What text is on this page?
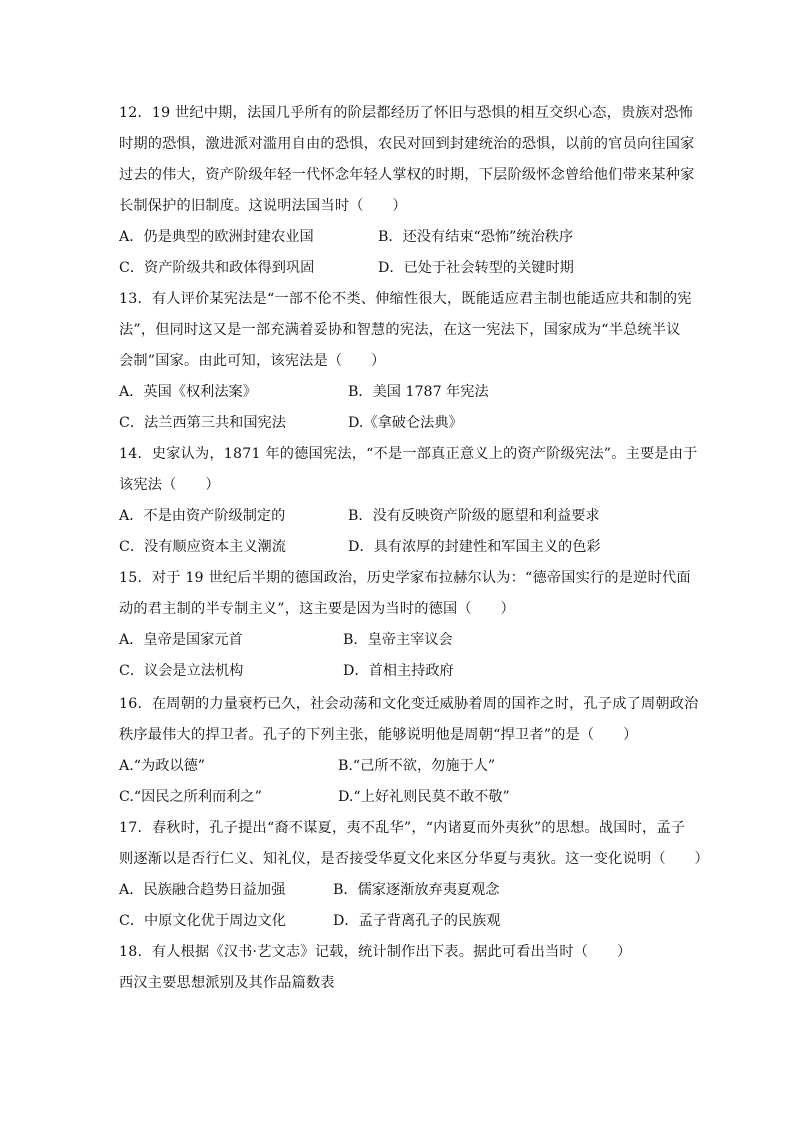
12．19 世纪中期，法国几乎所有的阶层都经历了怀旧与恐惧的相互交织心态，贵族对恐怖
时期的恐惧，激进派对滥用自由的恐惧，农民对回到封建统治的恐惧，以前的官员向往国家
过去的伟大，资产阶级年轻一代怀念年轻人掌权的时期，下层阶级怀念曾给他们带来某种家
长制保护的旧制度。这说明法国当时（　　）
A．仍是典型的欧洲封建农业国	B．还没有结束“恐怖”统治秩序
C．资产阶级共和政体得到巩固	D．已处于社会转型的关键时期
13．有人评价某宪法是“一部不伦不类、伸缩性很大，既能适应君主制也能适应共和制的宪
法”，但同时这又是一部充满着妥协和智慧的宪法，在这一宪法下，国家成为“半总统半议
会制”国家。由此可知，该宪法是（　　）
A．英国《权利法案》	B．美国 1787 年宪法
C．法兰西第三共和国宪法	D.《拿破仑法典》
14．史家认为，1871 年的德国宪法，“不是一部真正意义上的资产阶级宪法”。主要是由于
该宪法（　　）
A．不是由资产阶级制定的	B．没有反映资产阶级的愿望和利益要求
C．没有顺应资本主义潮流	D．具有浓厚的封建性和军国主义的色彩
15．对于 19 世纪后半期的德国政治，历史学家布拉赫尔认为：“德帝国实行的是逆时代面
动的君主制的半专制主义”，这主要是因为当时的德国（　　）
A．皇帝是国家元首	B．皇帝主宰议会
C．议会是立法机构	D．首相主持政府
16．在周朝的力量衰朽已久，社会动荡和文化变迁威胁着周的国祚之时，孔子成了周朝政治
秩序最伟大的捍卫者。孔子的下列主张，能够说明他是周朝“捍卫者”的是（　　）
A.“为政以德”	B.“己所不欲，勿施于人”
C.“因民之所利而利之”	D.“上好礼则民莫不敢不敬”
17．春秋时，孔子提出“裔不谋夏，夷不乱华”，“内诸夏而外夷狄”的思想。战国时，孟子
则逐渐以是否行仁义、知礼仪，是否接受华夏文化来区分华夏与夷狄。这一变化说明（　　）
A．民族融合趋势日益加强	B．儒家逐渐放弃夷夏观念
C．中原文化优于周边文化	D．孟子背离孔子的民族观
18．有人根据《汉书·艺文志》记载，统计制作出下表。据此可看出当时（　　）
西汉主要思想派别及其作品篇数表
